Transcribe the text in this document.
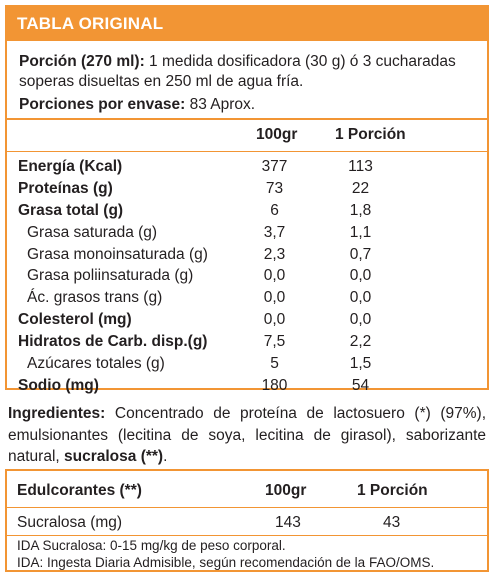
TABLA ORIGINAL
Porción (270 ml): 1 medida dosificadora (30 g) ó 3 cucharadas soperas disueltas en 250 ml de agua fría.
Porciones por envase: 83 Aprox.
100gr 1 Porción
Energía (Kcal)	377	113
Proteínas (g)	73	22
Grasa total (g)	6	1,8
Grasa saturada (g)	3,7	1,1
Grasa monoinsaturada (g)	2,3	0,7
Grasa poliinsaturada (g)	0,0	0,0
Ác. grasos trans (g)	0,0	0,0
Colesterol (mg)	0,0	0,0
Hidratos de Carb. disp.(g)	7,5	2,2
Azúcares totales (g)	5	1,5
Sodio (mg)	180	54
Ingredientes: Concentrado de proteína de lactosuero (*) (97%), emulsionantes (lecitina de soya, lecitina de girasol), saborizante natural, sucralosa (**).
Edulcorantes (**)	100gr	1 Porción
Sucralosa (mg)	143	43
IDA Sucralosa: 0-15 mg/kg de peso corporal.
IDA: Ingesta Diaria Admisible, según recomendación de la FAO/OMS.
